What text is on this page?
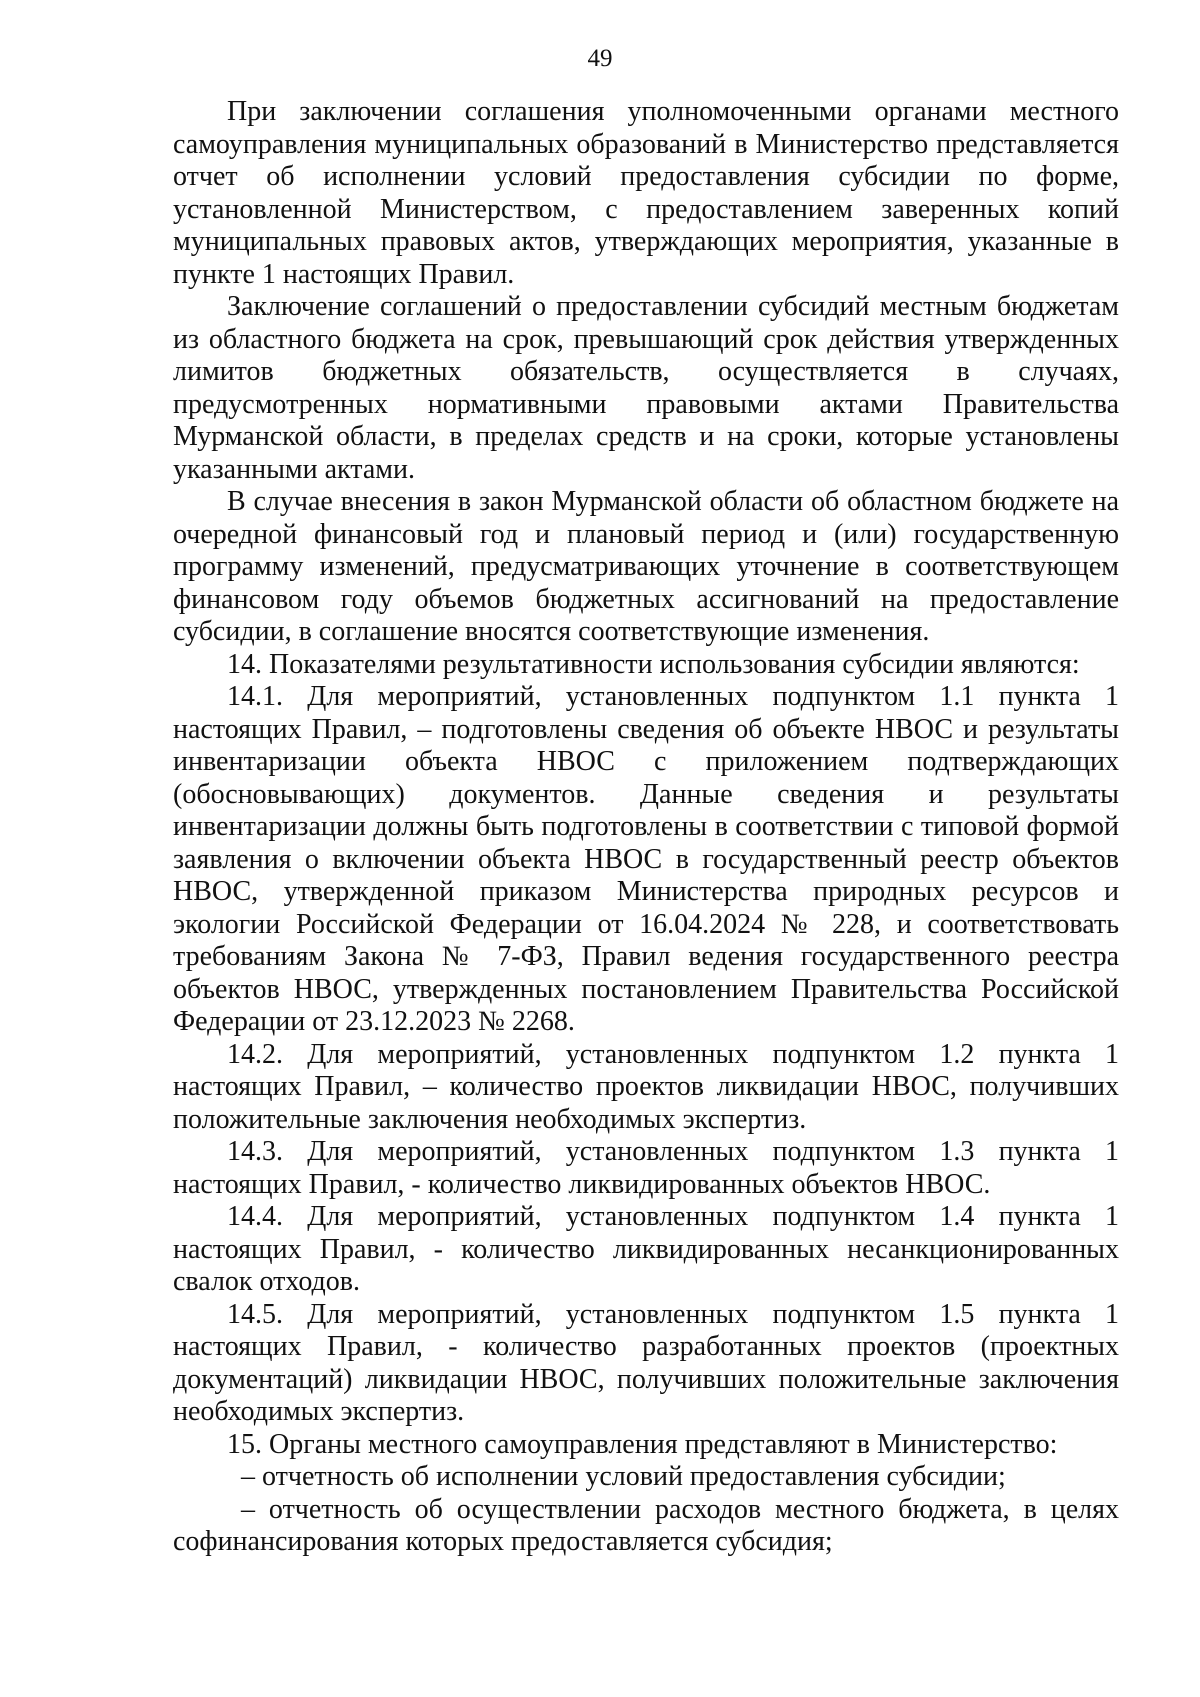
49

При заключении соглашения уполномоченными органами местного самоуправления муниципальных образований в Министерство представляется отчет об исполнении условий предоставления субсидии по форме, установленной Министерством, с предоставлением заверенных копий муниципальных правовых актов, утверждающих мероприятия, указанные в пункте 1 настоящих Правил.

Заключение соглашений о предоставлении субсидий местным бюджетам из областного бюджета на срок, превышающий срок действия утвержденных лимитов бюджетных обязательств, осуществляется в случаях, предусмотренных нормативными правовыми актами Правительства Мурманской области, в пределах средств и на сроки, которые установлены указанными актами.

В случае внесения в закон Мурманской области об областном бюджете на очередной финансовый год и плановый период и (или) государственную программу изменений, предусматривающих уточнение в соответствующем финансовом году объемов бюджетных ассигнований на предоставление субсидии, в соглашение вносятся соответствующие изменения.

14. Показателями результативности использования субсидии являются:

14.1. Для мероприятий, установленных подпунктом 1.1 пункта 1 настоящих Правил, – подготовлены сведения об объекте НВОС и результаты инвентаризации объекта НВОС с приложением подтверждающих (обосновывающих) документов. Данные сведения и результаты инвентаризации должны быть подготовлены в соответствии с типовой формой заявления о включении объекта НВОС в государственный реестр объектов НВОС, утвержденной приказом Министерства природных ресурсов и экологии Российской Федерации от 16.04.2024 № 228, и соответствовать требованиям Закона № 7-ФЗ, Правил ведения государственного реестра объектов НВОС, утвержденных постановлением Правительства Российской Федерации от 23.12.2023 № 2268.

14.2. Для мероприятий, установленных подпунктом 1.2 пункта 1 настоящих Правил, – количество проектов ликвидации НВОС, получивших положительные заключения необходимых экспертиз.

14.3. Для мероприятий, установленных подпунктом 1.3 пункта 1 настоящих Правил, - количество ликвидированных объектов НВОС.

14.4. Для мероприятий, установленных подпунктом 1.4 пункта 1 настоящих Правил, - количество ликвидированных несанкционированных свалок отходов.

14.5. Для мероприятий, установленных подпунктом 1.5 пункта 1 настоящих Правил, - количество разработанных проектов (проектных документаций) ликвидации НВОС, получивших положительные заключения необходимых экспертиз.

15. Органы местного самоуправления представляют в Министерство:

– отчетность об исполнении условий предоставления субсидии;

– отчетность об осуществлении расходов местного бюджета, в целях софинансирования которых предоставляется субсидия;
